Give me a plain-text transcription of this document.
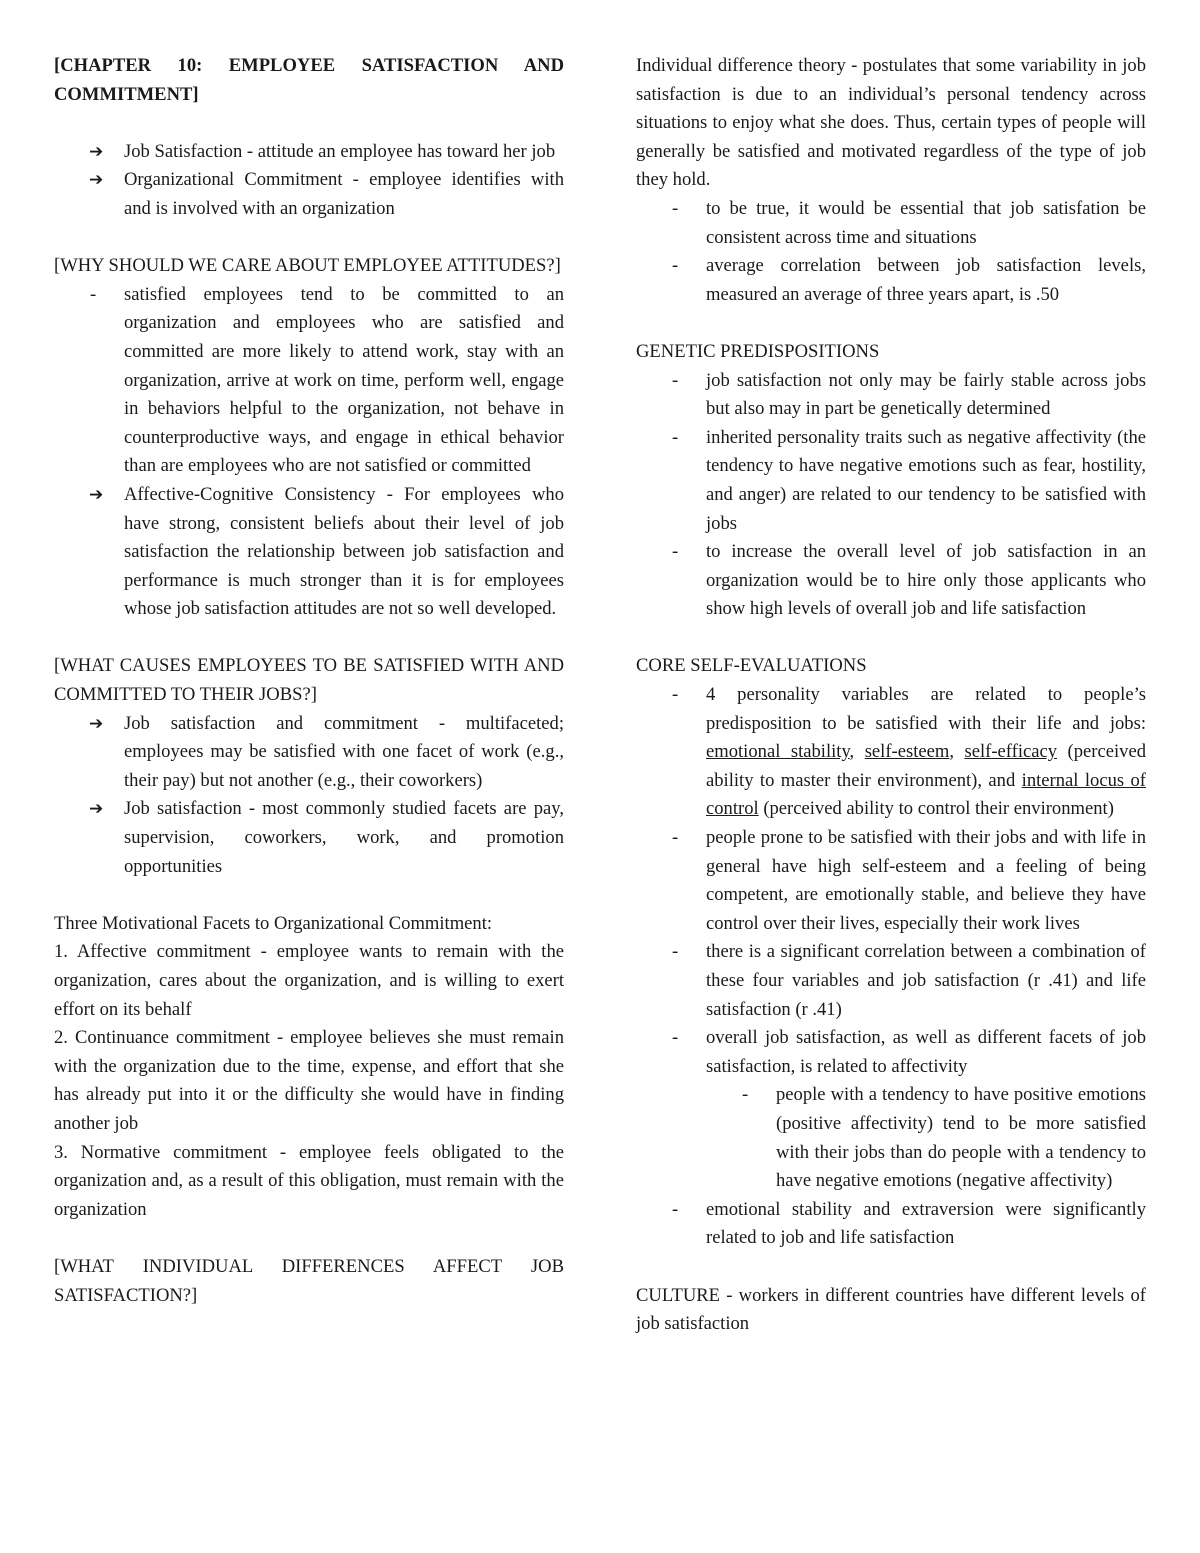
[CHAPTER 10: EMPLOYEE SATISFACTION AND COMMITMENT]

➔ Job Satisfaction - attitude an employee has toward her job
➔ Organizational Commitment - employee identifies with and is involved with an organization

[WHY SHOULD WE CARE ABOUT EMPLOYEE ATTITUDES?]

- satisfied employees tend to be committed to an organization and employees who are satisfied and committed are more likely to attend work, stay with an organization, arrive at work on time, perform well, engage in behaviors helpful to the organization, not behave in counterproductive ways, and engage in ethical behavior than are employees who are not satisfied or committed
➔ Affective-Cognitive Consistency - For employees who have strong, consistent beliefs about their level of job satisfaction the relationship between job satisfaction and performance is much stronger than it is for employees whose job satisfaction attitudes are not so well developed.

[WHAT CAUSES EMPLOYEES TO BE SATISFIED WITH AND COMMITTED TO THEIR JOBS?]

➔ Job satisfaction and commitment - multifaceted; employees may be satisfied with one facet of work (e.g., their pay) but not another (e.g., their coworkers)
➔ Job satisfaction - most commonly studied facets are pay, supervision, coworkers, work, and promotion opportunities

Three Motivational Facets to Organizational Commitment:

1. Affective commitment - employee wants to remain with the organization, cares about the organization, and is willing to exert effort on its behalf

2. Continuance commitment - employee believes she must remain with the organization due to the time, expense, and effort that she has already put into it or the difficulty she would have in finding another job

3. Normative commitment - employee feels obligated to the organization and, as a result of this obligation, must remain with the organization

[WHAT INDIVIDUAL DIFFERENCES AFFECT JOB SATISFACTION?]

Individual difference theory - postulates that some variability in job satisfaction is due to an individual’s personal tendency across situations to enjoy what she does. Thus, certain types of people will generally be satisfied and motivated regardless of the type of job they hold.

- to be true, it would be essential that job satisfation be consistent across time and situations
- average correlation between job satisfaction levels, measured an average of three years apart, is .50

GENETIC PREDISPOSITIONS

- job satisfaction not only may be fairly stable across jobs but also may in part be genetically determined
- inherited personality traits such as negative affectivity (the tendency to have negative emotions such as fear, hostility, and anger) are related to our tendency to be satisfied with jobs
- to increase the overall level of job satisfaction in an organization would be to hire only those applicants who show high levels of overall job and life satisfaction

CORE SELF-EVALUATIONS

- 4 personality variables are related to people’s predisposition to be satisfied with their life and jobs: emotional stability, self-esteem, self-efficacy (perceived ability to master their environment), and internal locus of control (perceived ability to control their environment)
- people prone to be satisfied with their jobs and with life in general have high self-esteem and a feeling of being competent, are emotionally stable, and believe they have control over their lives, especially their work lives
- there is a significant correlation between a combination of these four variables and job satisfaction (r .41) and life satisfaction (r .41)
- overall job satisfaction, as well as different facets of job satisfaction, is related to affectivity
- people with a tendency to have positive emotions (positive affectivity) tend to be more satisfied with their jobs than do people with a tendency to have negative emotions (negative affectivity)
- emotional stability and extraversion were significantly related to job and life satisfaction

CULTURE - workers in different countries have different levels of job satisfaction
